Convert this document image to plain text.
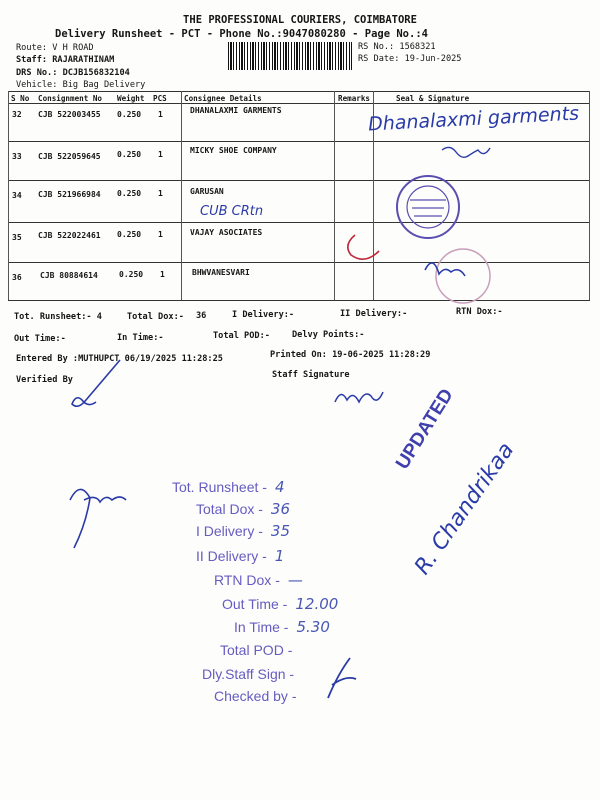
THE PROFESSIONAL COURIERS, COIMBATORE
Delivery Runsheet - PCT - Phone No.:9047080280 - Page No.:4
Route: V H ROAD
Staff: RAJARATHINAM
DRS No.: DCJB156832104
Vehicle: Big Bag Delivery
RS No.: 1568321
RS Date: 19-Jun-2025
S No Consignment No Weight PCS Consignee Details	Remarks	Seal & Signature
32 CJB 522003455 0.250 1	DHANALAXMI GARMENTS
33 CJB 522059645 0.250 1	MICKY SHOE COMPANY
34 CJB 521966984 0.250 1	GARUSAN
35 CJB 522022461 0.250 1	VAJAY ASOCIATES
36 CJB 80884614	0.250 1	BHWVANESVARI
Dhanalaxmi garments
CUB CRtn
Tot. Runsheet:- 4	Total Dox:- 36	I Delivery:-	II Delivery:-	RTN Dox:-
Out Time:-	In Time:-	Total POD:-	Delvy Points:-
Entered By :MUTHUPCT 06/19/2025 11:28:25	Printed On: 19-06-2025 11:28:29
Verified By	Staff Signature
UPDATED
R. Chandrikaa
Tot. Runsheet - 4
Total Dox - 36
I Delivery - 35
II Delivery - 1
RTN Dox - —
Out Time - 12.00
In Time - 5.30
Total POD -
Dly.Staff Sign -
Checked by -
